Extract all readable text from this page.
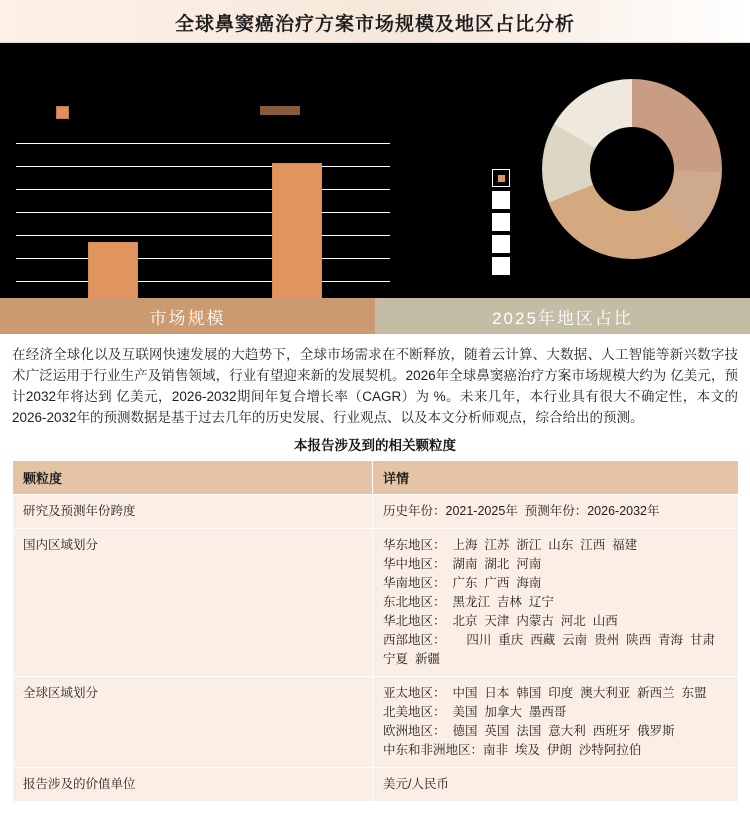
全球鼻窦癌治疗方案市场规模及地区占比分析
市场规模	2025年地区占比
在经济全球化以及互联网快速发展的大趋势下，全球市场需求在不断释放，随着云计算、大数据、人工智能等新兴数字技术广泛运用于行业生产及销售领域，行业有望迎来新的发展契机。2026年全球鼻窦癌治疗方案市场规模大约为 亿美元，预计2032年将达到 亿美元，2026-2032期间年复合增长率（CAGR）为 %。未来几年，本行业具有很大不确定性，本文的2026-2032年的预测数据是基于过去几年的历史发展、行业观点、以及本文分析师观点，综合给出的预测。
本报告涉及到的相关颗粒度
颗粒度	详情
研究及预测年份跨度	历史年份：2021-2025年  预测年份：2026-2032年

国内区域划分	华东地区：  上海  江苏  浙江  山东  江西  福建
华中地区：  湖南  湖北  河南
华南地区：  广东  广西  海南
东北地区：  黑龙江  吉林  辽宁
华北地区：  北京  天津  内蒙古  河北  山西
西部地区：      四川  重庆  西藏  云南  贵州  陕西  青海  甘肃
宁夏  新疆

全球区域划分	亚太地区：  中国  日本  韩国  印度  澳大利亚  新西兰  东盟
北美地区：  美国  加拿大  墨西哥
欧洲地区：  德国  英国  法国  意大利  西班牙  俄罗斯
中东和非洲地区：南非  埃及  伊朗  沙特阿拉伯

报告涉及的价值单位	美元/人民币
